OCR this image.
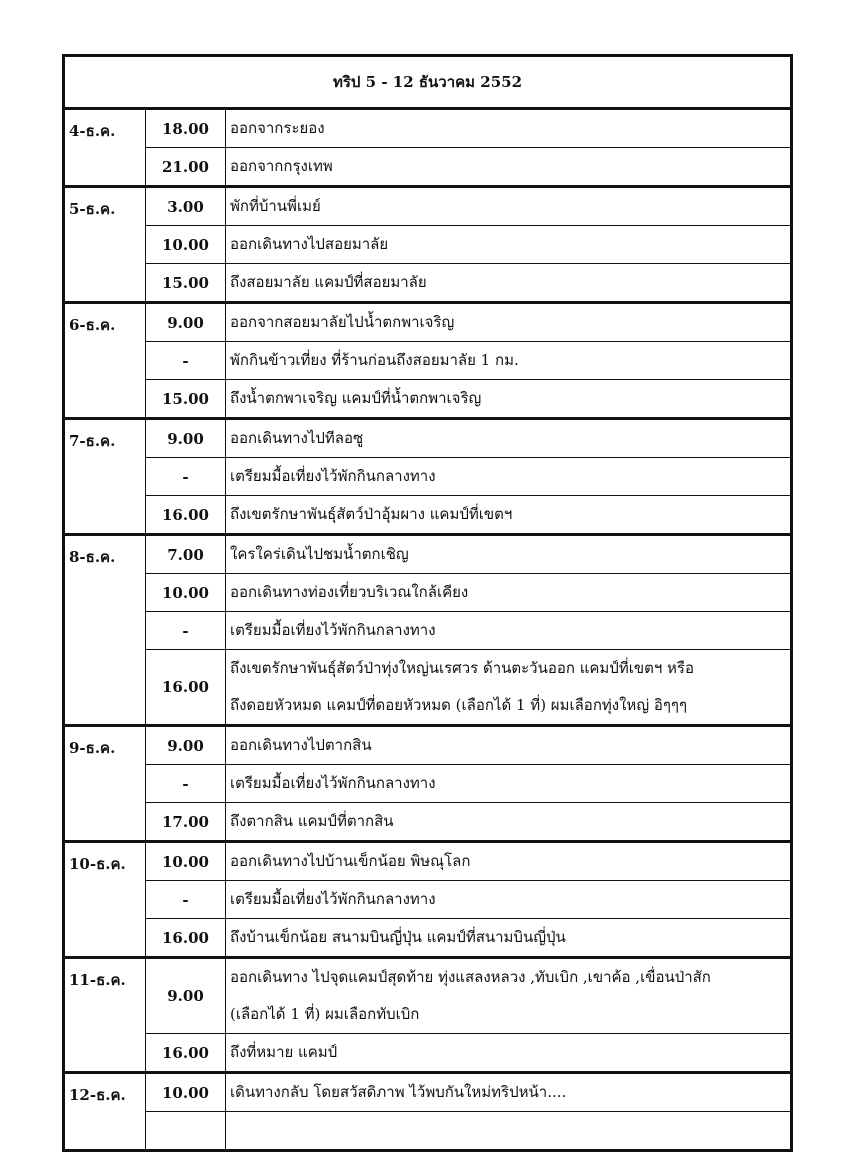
ทริป 5 - 12 ธันวาคม 2552		
4-ธ.ค.	18.00	ออกจากระยอง

	21.00	ออกจากกรุงเทพ

5-ธ.ค.	3.00	พักที่บ้านพี่เมย์

	10.00	ออกเดินทางไปสอยมาลัย

	15.00	ถึงสอยมาลัย แคมป์ที่สอยมาลัย

6-ธ.ค.	9.00	ออกจากสอยมาลัยไปน้ำตกพาเจริญ

	-	พักกินข้าวเที่ยง ที่ร้านก่อนถึงสอยมาลัย 1 กม.

	15.00	ถึงน้ำตกพาเจริญ แคมป์ที่น้ำตกพาเจริญ

7-ธ.ค.	9.00	ออกเดินทางไปทีลอซู

	-	เตรียมมื้อเที่ยงไว้พักกินกลางทาง

	16.00	ถึงเขตรักษาพันธุ์สัตว์ป่าอุ้มผาง แคมป์ที่เขตฯ

8-ธ.ค.	7.00	ใครใคร่เดินไปชมน้ำตกเชิญ

	10.00	ออกเดินทางท่องเที่ยวบริเวณใกล้เคียง

	-	เตรียมมื้อเที่ยงไว้พักกินกลางทาง

	16.00	ถึงเขตรักษาพันธุ์สัตว์ป่าทุ่งใหญ่นเรศวร ด้านตะวันออก แคมป์ที่เขตฯ หรือ
ถึงดอยหัวหมด แคมป์ที่ดอยหัวหมด (เลือกได้ 1 ที่) ผมเลือกทุ่งใหญ่ อิๆๆๆ

9-ธ.ค.	9.00	ออกเดินทางไปตากสิน

	-	เตรียมมื้อเที่ยงไว้พักกินกลางทาง

	17.00	ถึงตากสิน แคมป์ที่ตากสิน

10-ธ.ค.	10.00	ออกเดินทางไปบ้านเข็กน้อย พิษณุโลก

	-	เตรียมมื้อเที่ยงไว้พักกินกลางทาง

	16.00	ถึงบ้านเข็กน้อย สนามบินญี่ปุ่น แคมป์ที่สนามบินญี่ปุ่น

11-ธ.ค.	9.00	ออกเดินทาง ไปจุดแคมป์สุดท้าย ทุ่งแสลงหลวง ,ทับเบิก ,เขาค้อ ,เขื่อนป่าสัก
(เลือกได้ 1 ที่) ผมเลือกทับเบิก

	16.00	ถึงที่หมาย แคมป์

12-ธ.ค.	10.00	เดินทางกลับ โดยสวัสดิภาพ ไว้พบกันใหม่ทริปหน้า....
